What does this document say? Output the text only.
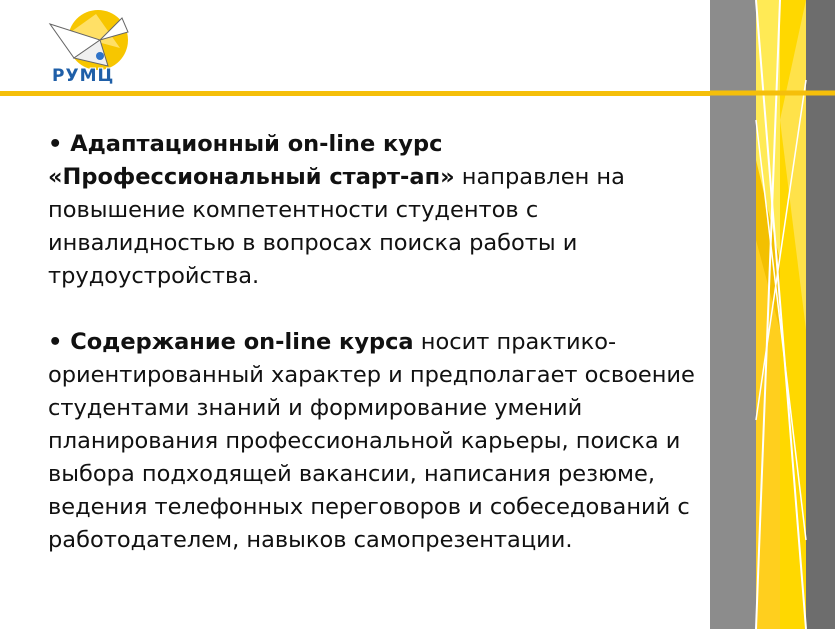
РУМЦ

• Адаптационный on-line курс «Профессиональный старт-ап» направлен на повышение компетентности студентов с инвалидностью в вопросах поиска работы и трудоустройства.

• Содержание on-line курса носит практико-ориентированный характер и предполагает освоение студентами знаний и формирование умений планирования профессиональной карьеры, поиска и выбора подходящей вакансии, написания резюме, ведения телефонных переговоров и собеседований с работодателем, навыков самопрезентации.
